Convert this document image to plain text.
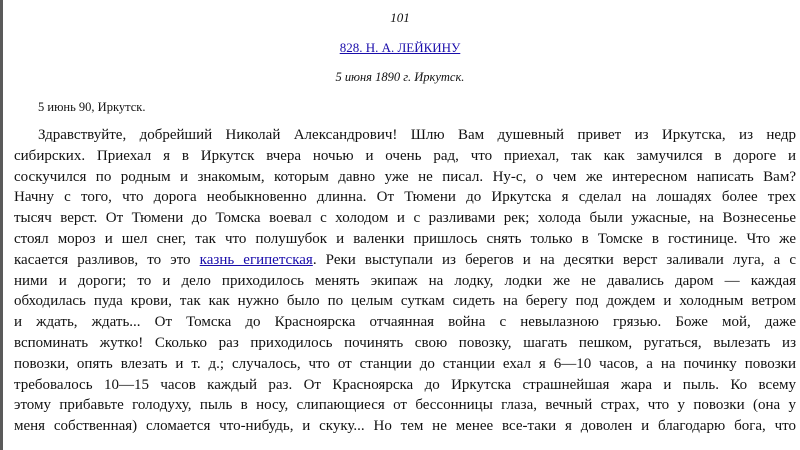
101
828. Н. А. ЛЕЙКИНУ
5 июня 1890 г. Иркутск.
5 июнь 90, Иркутск.
Здравствуйте, добрейший Николай Александрович! Шлю Вам душевный привет из Иркутска, из недр
сибирских. Приехал я в Иркутск вчера ночью и очень рад, что приехал, так как замучился в дороге и
соскучился по родным и знакомым, которым давно уже не писал. Ну-с, о чем же интересном написать Вам?
Начну с того, что дорога необыкновенно длинна. От Тюмени до Иркутска я сделал на лошадях более трех
тысяч верст. От Тюмени до Томска воевал с холодом и с разливами рек; холода были ужасные, на Вознесенье
стоял мороз и шел снег, так что полушубок и валенки пришлось снять только в Томске в гостинице. Что же
касается разливов, то это казнь египетская. Реки выступали из берегов и на десятки верст заливали луга, а с
ними и дороги; то и дело приходилось менять экипаж на лодку, лодки же не давались даром — каждая
обходилась пуда крови, так как нужно было по целым суткам сидеть на берегу под дождем и холодным ветром
и ждать, ждать... От Томска до Красноярска отчаянная война с невылазною грязью. Боже мой, даже
вспоминать жутко! Сколько раз приходилось починять свою повозку, шагать пешком, ругаться, вылезать из
повозки, опять влезать и т. д.; случалось, что от станции до станции ехал я 6—10 часов, а на починку повозки
требовалось 10—15 часов каждый раз. От Красноярска до Иркутска страшнейшая жара и пыль. Ко всему
этому прибавьте голодуху, пыль в носу, слипающиеся от бессонницы глаза, вечный страх, что у повозки (она у
меня собственная) сломается что-нибудь, и скуку... Но тем не менее все-таки я доволен и благодарю бога, что
